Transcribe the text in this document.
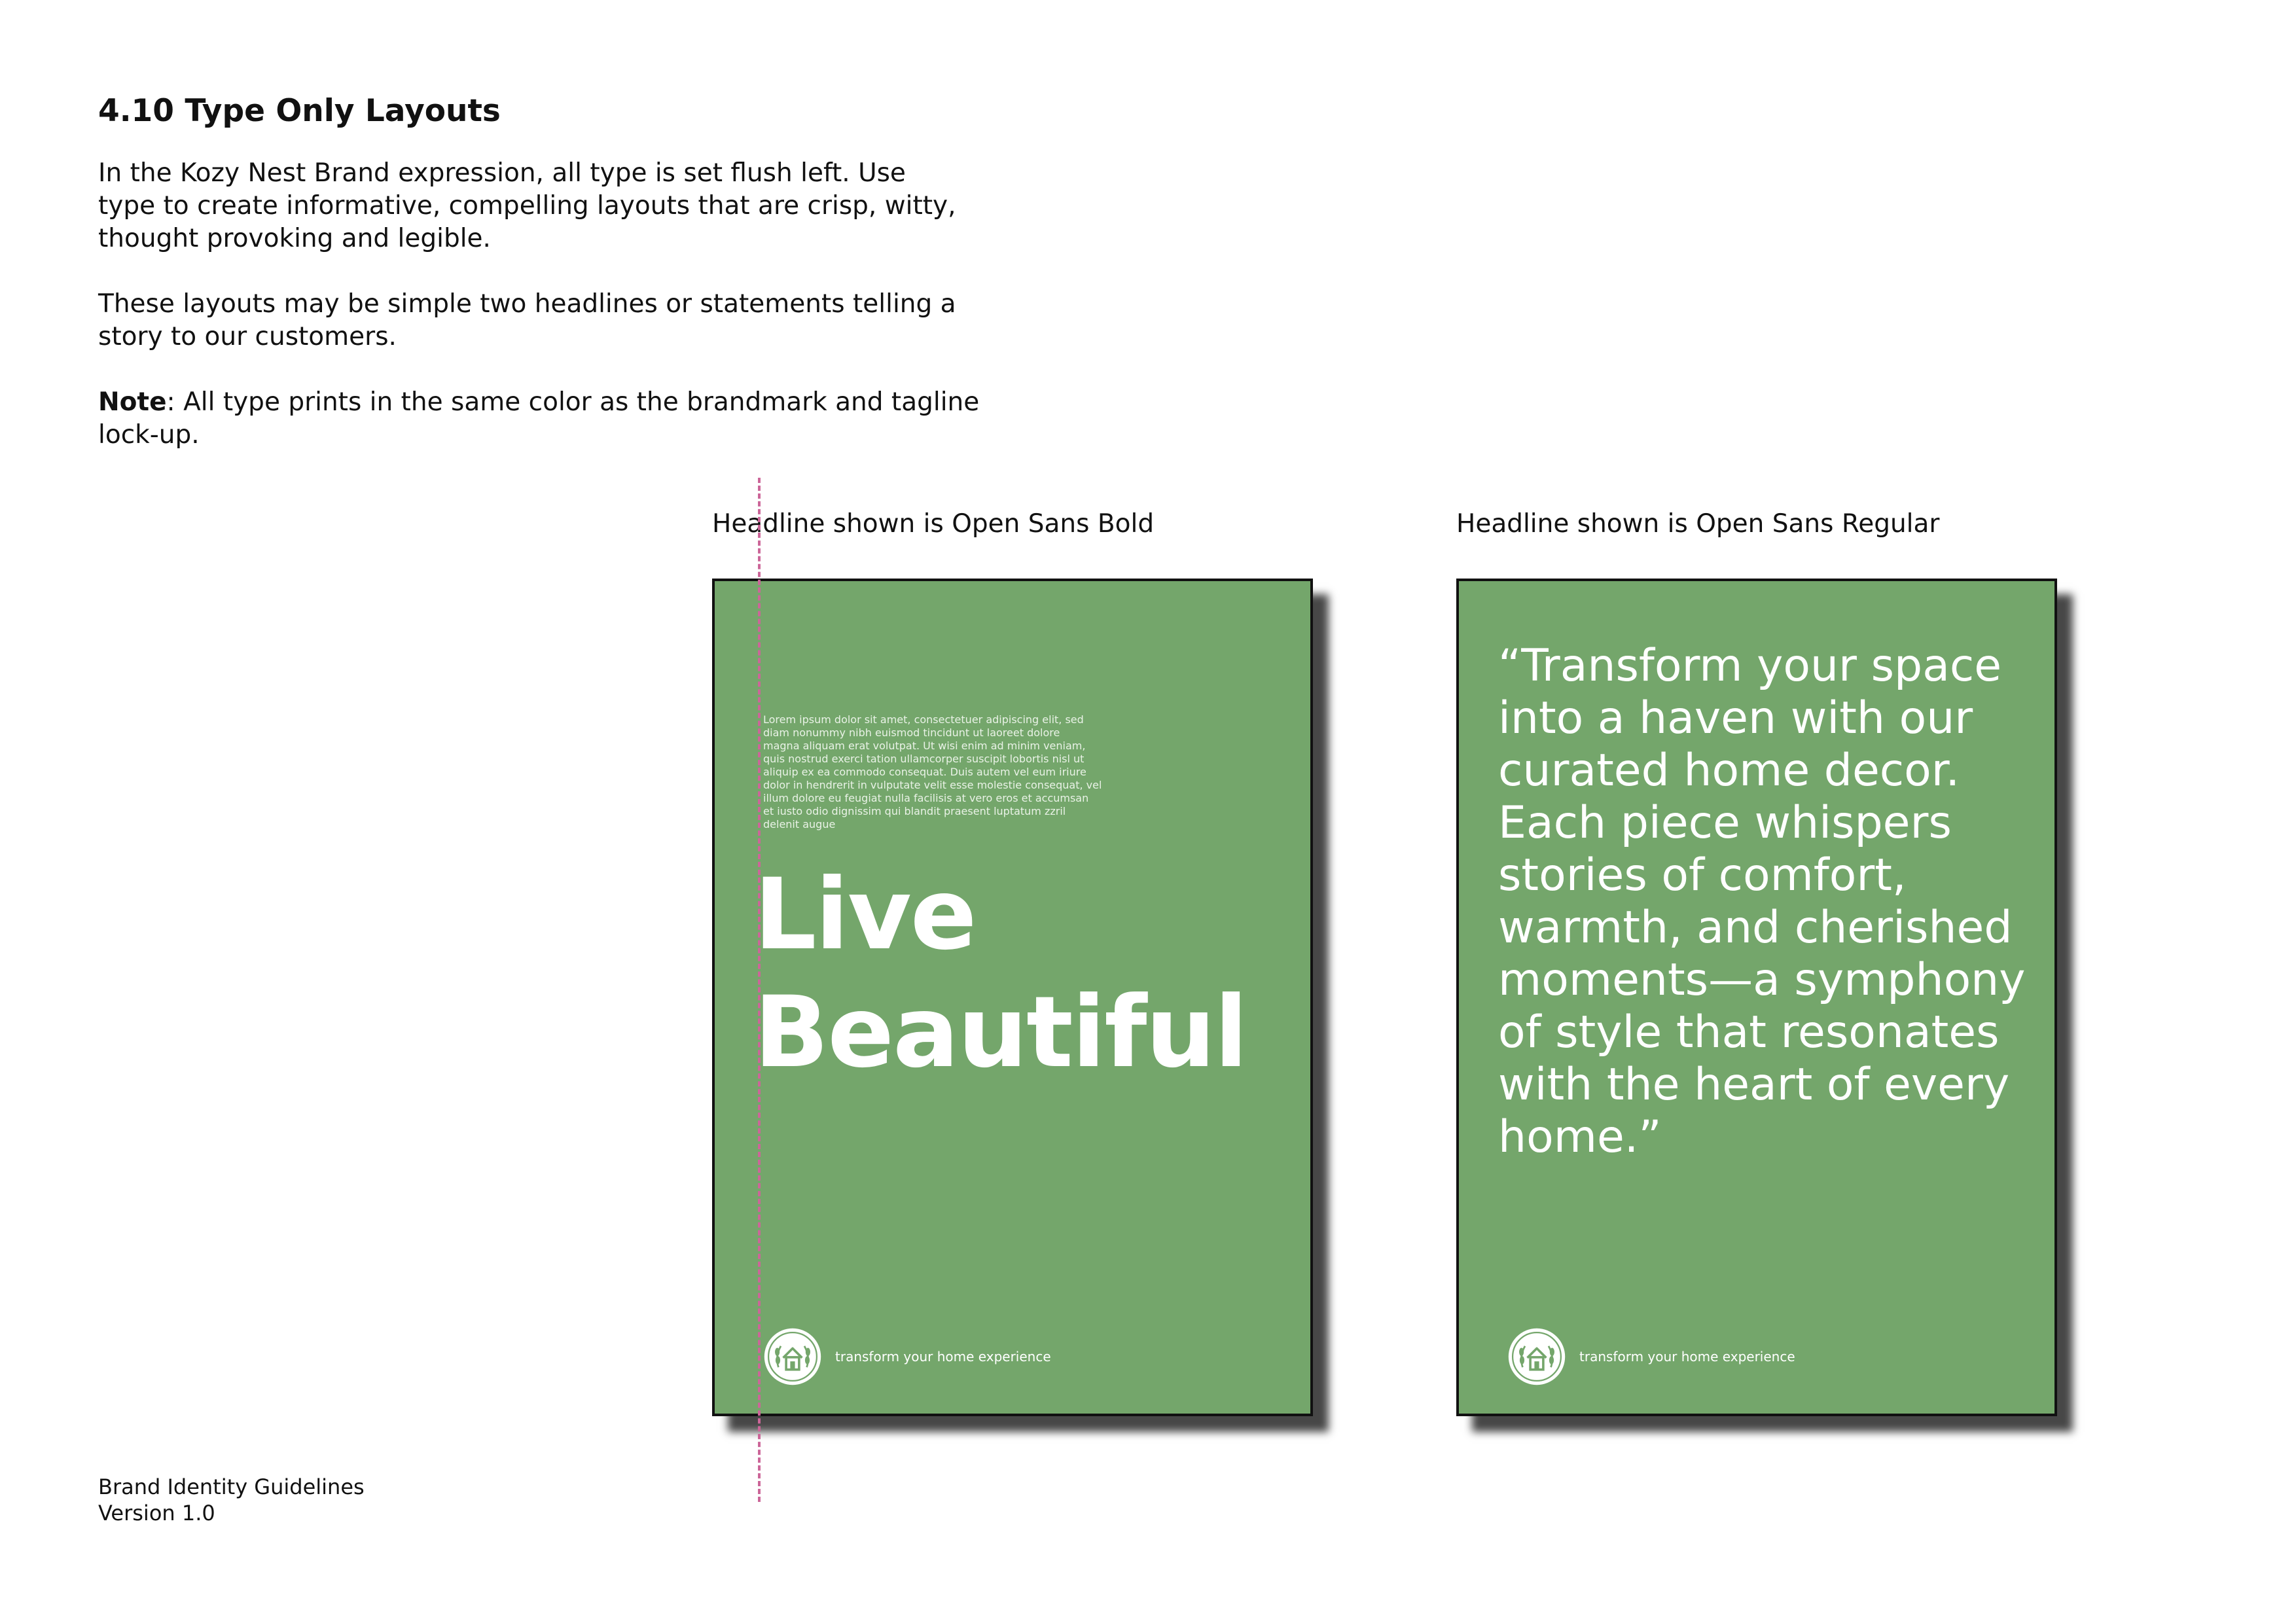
4.10 Type Only Layouts

In the Kozy Nest Brand expression, all type is set flush left. Use
type to create informative, compelling layouts that are crisp, witty,
thought provoking and legible.

These layouts may be simple two headlines or statements telling a
story to our customers.

Note: All type prints in the same color as the brandmark and tagline
lock-up.

Headline shown is Open Sans Bold	Headline shown is Open Sans Regular
Lorem ipsum dolor sit amet, consectetuer adipiscing elit, sed
diam nonummy nibh euismod tincidunt ut laoreet dolore
magna aliquam erat volutpat. Ut wisi enim ad minim veniam,
quis nostrud exerci tation ullamcorper suscipit lobortis nisl ut
aliquip ex ea commodo consequat. Duis autem vel eum iriure
dolor in hendrerit in vulputate velit esse molestie consequat, vel
illum dolore eu feugiat nulla facilisis at vero eros et accumsan
et iusto odio dignissim qui blandit praesent luptatum zzril
delenit augue
Live
Beautiful
transform your home experience
“Transform your space
into a haven with our
curated home decor.
Each piece whispers
stories of comfort,
warmth, and cherished
moments—a symphony
of style that resonates
with the heart of every
home.”
transform your home experience
Brand Identity Guidelines
Version 1.0
